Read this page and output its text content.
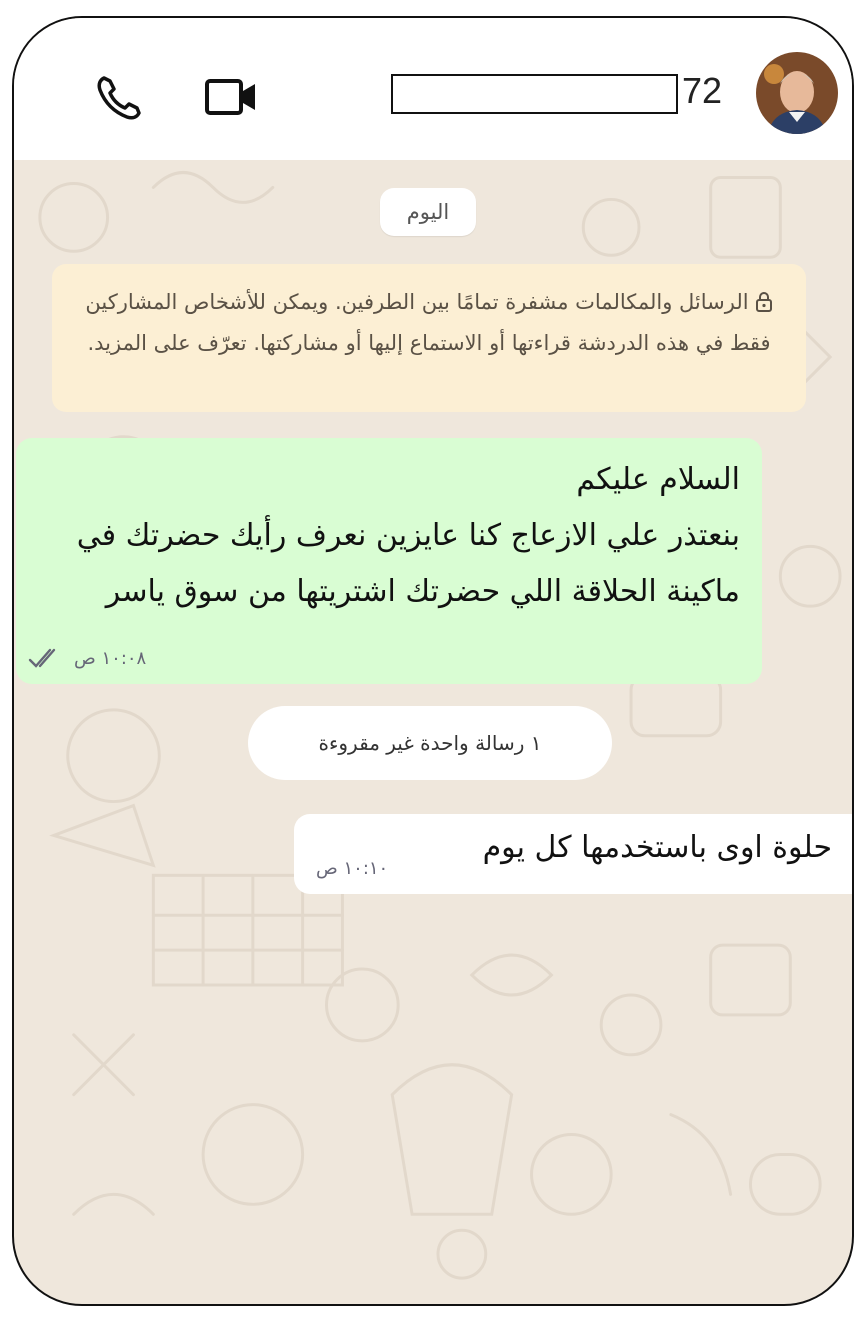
72
اليوم
الرسائل والمكالمات مشفرة تمامًا بين الطرفين. ويمكن للأشخاص المشاركين فقط في هذه الدردشة قراءتها أو الاستماع إليها أو مشاركتها. تعرّف على المزيد.
السلام عليكم
بنعتذر علي الازعاج كنا عايزين نعرف رأيك حضرتك في ماكينة الحلاقة اللي حضرتك اشتريتها من سوق ياسر
١٠:٠٨ ص
١ رسالة واحدة غير مقروءة
حلوة اوى باستخدمها كل يوم
١٠:١٠ ص
